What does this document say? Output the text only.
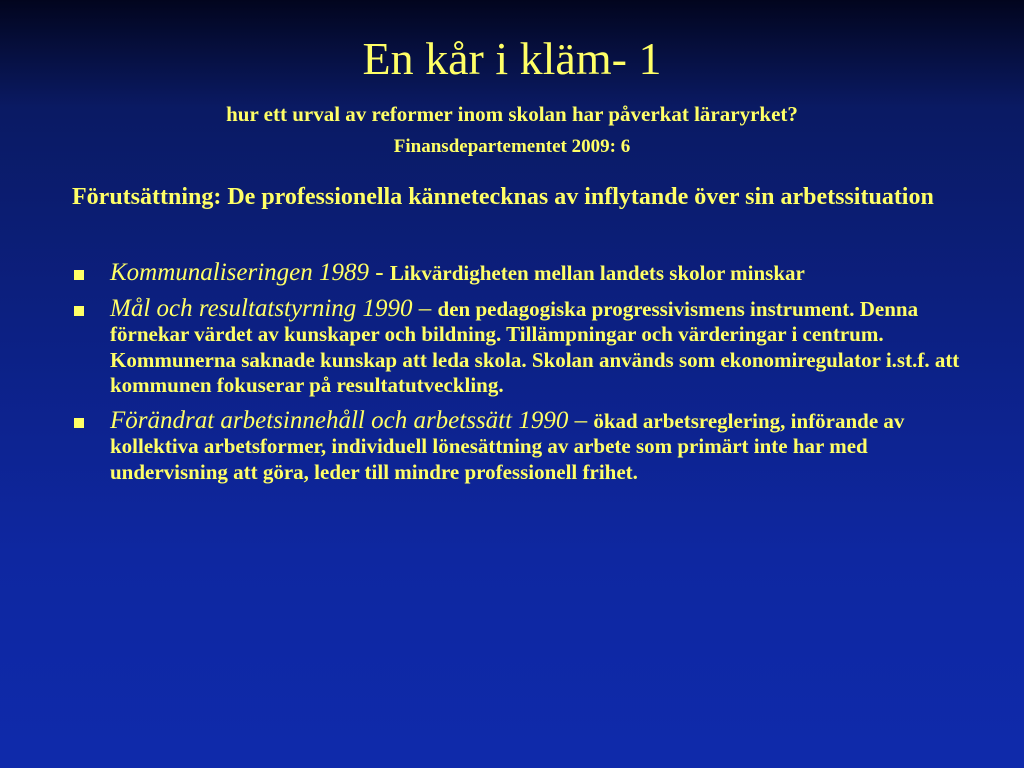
En kår i kläm- 1
hur ett urval av reformer inom skolan har påverkat läraryrket?
Finansdepartementet 2009: 6

Förutsättning: De professionella kännetecknas av inflytande över sin arbetssituation

Kommunaliseringen 1989 - Likvärdigheten mellan landets skolor minskar
Mål och resultatstyrning 1990 – den pedagogiska progressivismens instrument. Denna förnekar värdet av kunskaper och bildning. Tillämpningar och värderingar i centrum. Kommunerna saknade kunskap att leda skola. Skolan används som ekonomiregulator i.st.f. att kommunen fokuserar på resultatutveckling.
Förändrat arbetsinnehåll och arbetssätt 1990 – ökad arbetsreglering, införande av kollektiva arbetsformer, individuell lönesättning av arbete som primärt inte har med undervisning att göra, leder till mindre professionell frihet.
